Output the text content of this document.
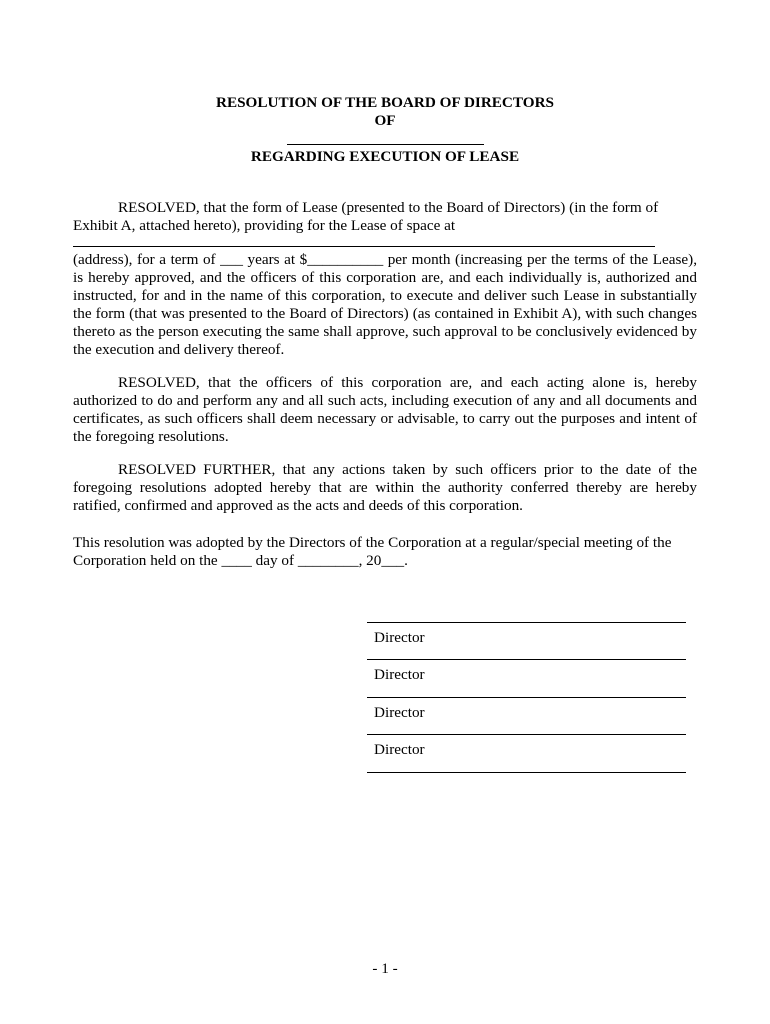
RESOLUTION OF THE BOARD OF DIRECTORS
OF
REGARDING EXECUTION OF LEASE

RESOLVED, that the form of Lease (presented to the Board of Directors) (in the form of Exhibit A, attached hereto), providing for the Lease of space at

(address), for a term of ___ years at $__________ per month (increasing per the terms of the Lease), is hereby approved, and the officers of this corporation are, and each individually is, authorized and instructed, for and in the name of this corporation, to execute and deliver such Lease in substantially the form (that was presented to the Board of Directors) (as contained in Exhibit A), with such changes thereto as the person executing the same shall approve, such approval to be conclusively evidenced by the execution and delivery thereof.

RESOLVED, that the officers of this corporation are, and each acting alone is, hereby authorized to do and perform any and all such acts, including execution of any and all documents and certificates, as such officers shall deem necessary or advisable, to carry out the purposes and intent of the foregoing resolutions.

RESOLVED FURTHER, that any actions taken by such officers prior to the date of the foregoing resolutions adopted hereby that are within the authority conferred thereby are hereby ratified, confirmed and approved as the acts and deeds of this corporation.

This resolution was adopted by the Directors of the Corporation at a regular/special meeting of the Corporation held on the ____ day of ________, 20___.

Director
Director
Director
Director
- 1 -
